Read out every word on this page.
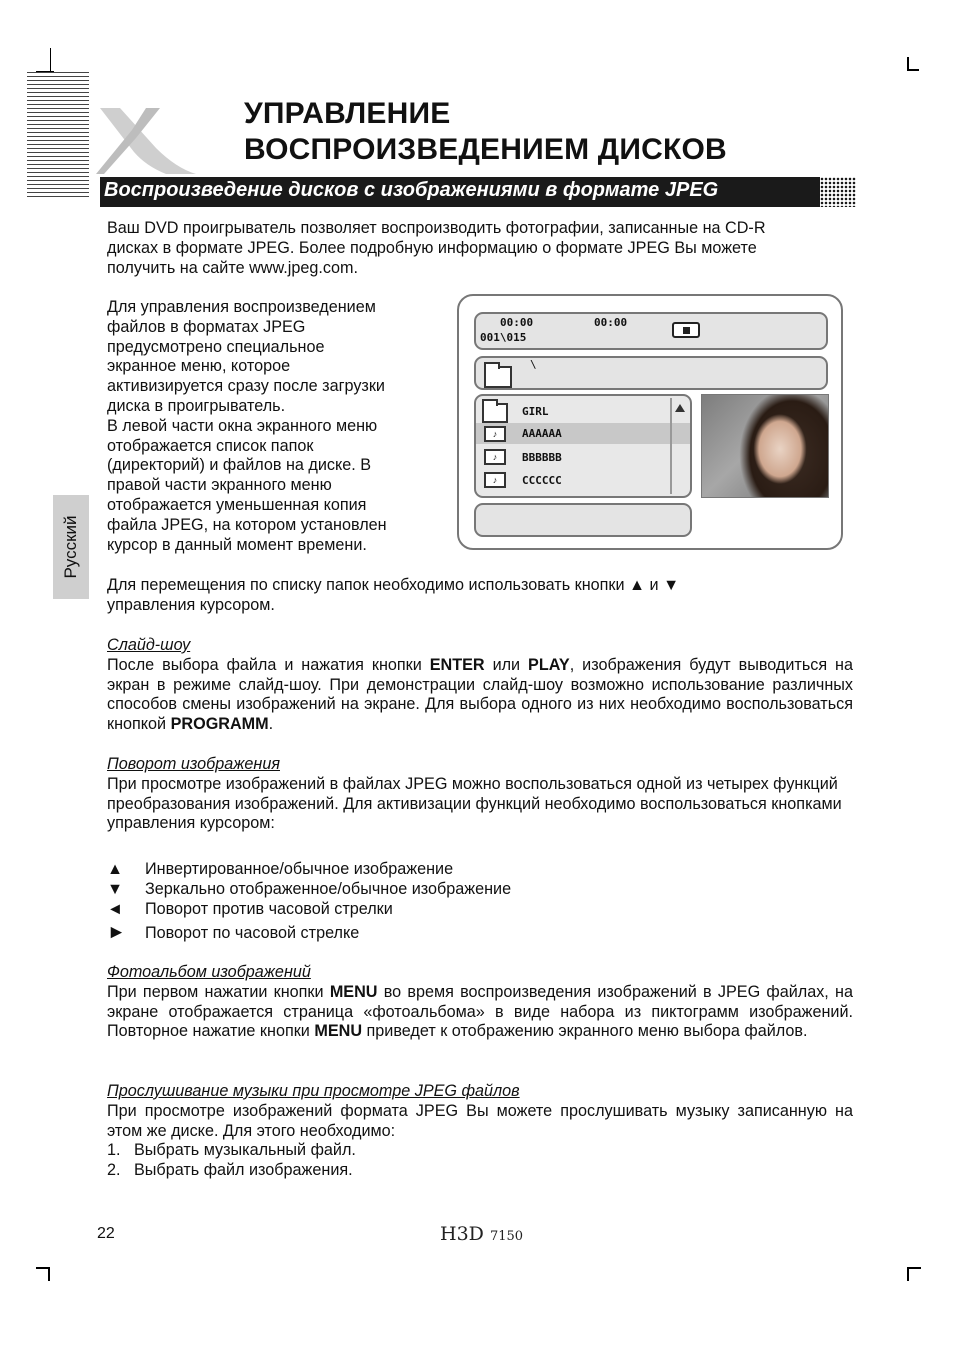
УПРАВЛЕНИЕ
ВОСПРОИЗВЕДЕНИЕМ ДИСКОВ
Воспроизведение дисков с изображениями в формате JPEG
Русский
Ваш DVD проигрыватель позволяет воспроизводить фотографии, записанные на CD-R
дисках в формате JPEG. Более подробную информацию о формате JPEG Вы можете
получить на сайте www.jpeg.com.
Для управления воспроизведением
файлов в форматах JPEG
предусмотрено специальное
экранное меню, которое
активизируется сразу после загрузки
диска в проигрыватель.
В левой части окна экранного меню
отображается список папок
(директорий) и файлов на диске. В
правой части экранного меню
отображается уменьшенная копия
файла JPEG, на котором установлен
курсор в данный момент времени.
00:00	00:00
001\015
\
GIRL
♪	AAAAAA
♪	BBBBBB
♪	CCCCCC
Для перемещения по списку папок необходимо использовать кнопки ▲ и ▼
управления курсором.
Слайд-шоу
После выбора файла и нажатия кнопки ENTER или PLAY, изображения будут выводиться на экран в режиме слайд-шоу. При демонстрации слайд-шоу возможно использование различных способов смены изображений на экране. Для выбора одного из них необходимо воспользоваться кнопкой PROGRAMM.
Поворот изображения
При просмотре изображений в файлах JPEG можно воспользоваться одной из четырех функций преобразования изображений. Для активизации функций необходимо воспользоваться кнопками управления курсором:
▲ Инвертированное/обычное изображение
▼ Зеркально отображенное/обычное изображение
◄ Поворот против часовой стрелки
► Поворот по часовой стрелке
Фотоальбом изображений
При первом нажатии кнопки MENU во время воспроизведения изображений в JPEG файлах, на экране отображается страница «фотоальбома» в виде набора из пиктограмм изображений. Повторное нажатие кнопки MENU приведет к отображению экранного меню выбора файлов.
Прослушивание музыки при просмотре JPEG файлов
При просмотре изображений формата JPEG Вы можете прослушивать музыку записанную на этом же диске. Для этого необходимо:
1.   Выбрать музыкальный файл.
2.   Выбрать файл изображения.
22	H3D 7150
